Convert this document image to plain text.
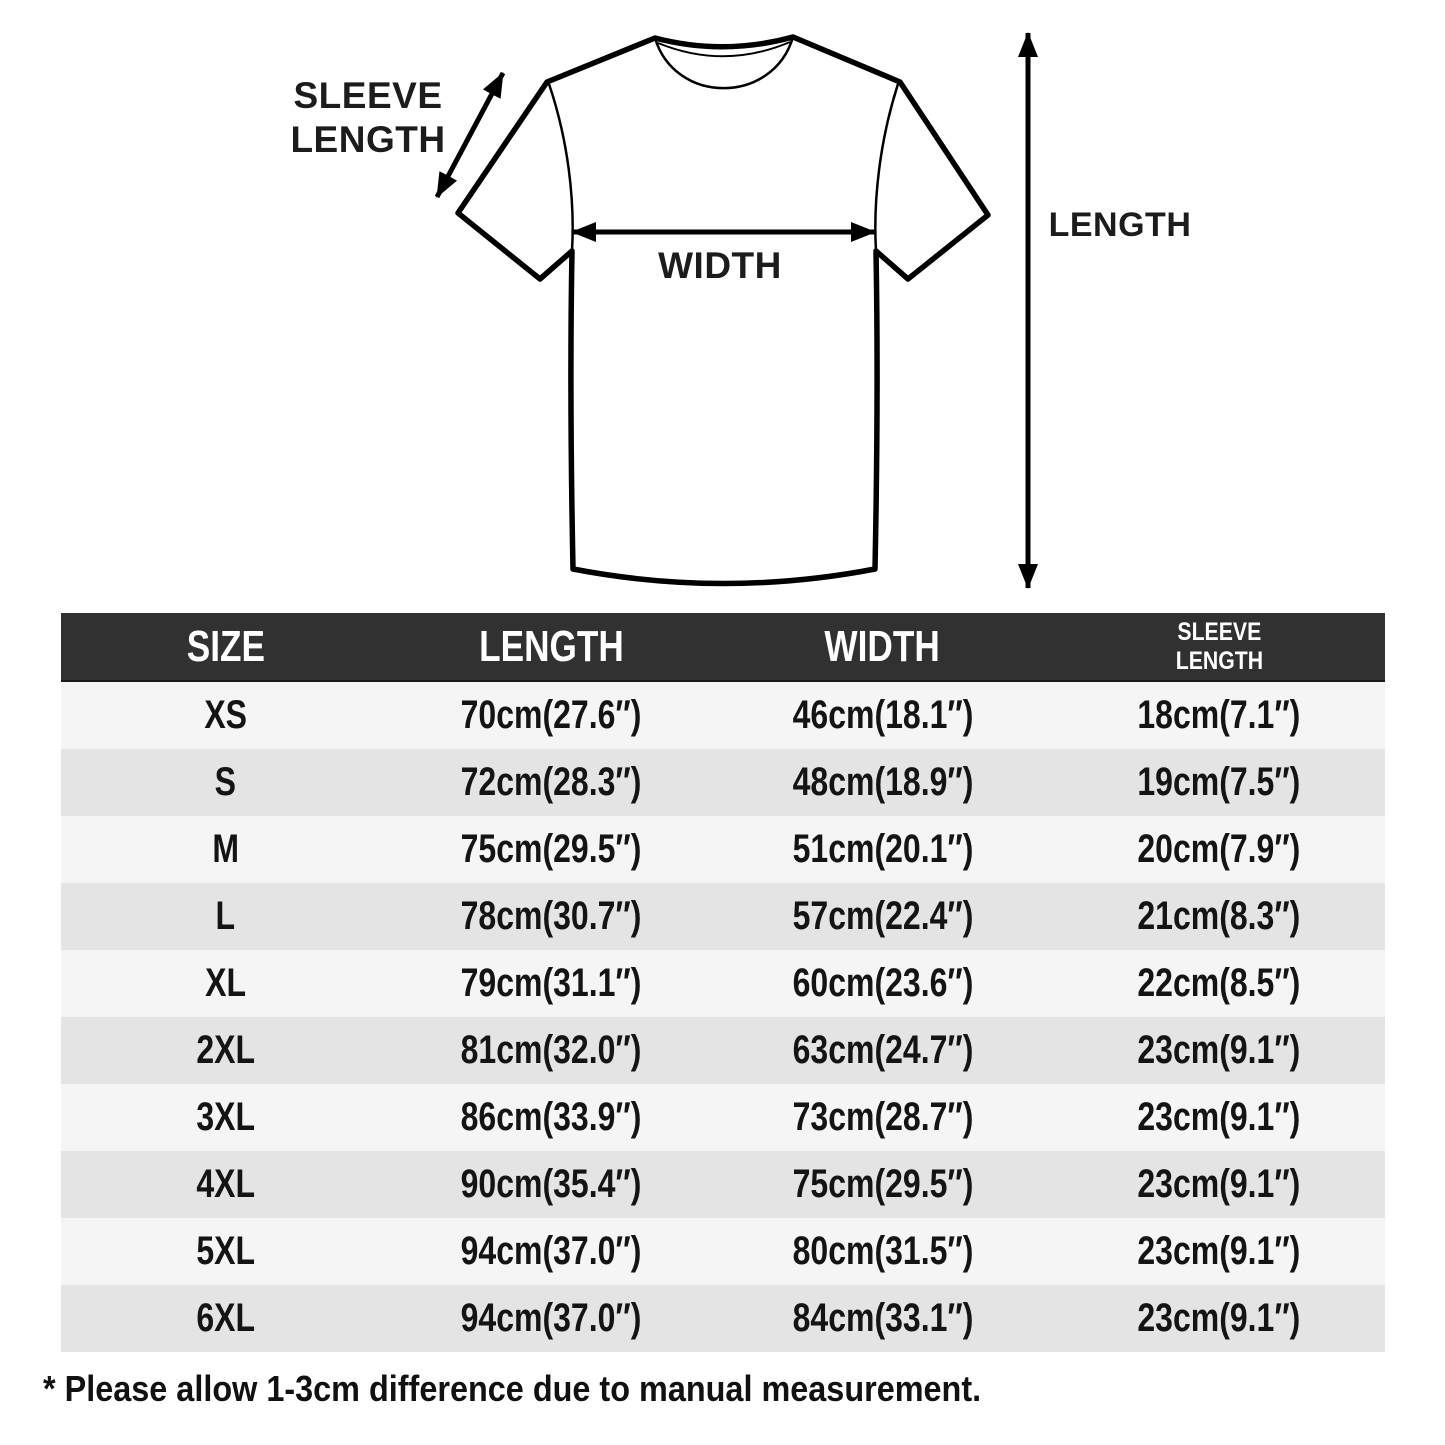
SLEEVE
LENGTH
WIDTH
LENGTH
SIZE	LENGTH	WIDTH	SLEEVE
LENGTH
XS	70cm(27.6″)	46cm(18.1″)	18cm(7.1″)
S	72cm(28.3″)	48cm(18.9″)	19cm(7.5″)
M	75cm(29.5″)	51cm(20.1″)	20cm(7.9″)
L	78cm(30.7″)	57cm(22.4″)	21cm(8.3″)
XL	79cm(31.1″)	60cm(23.6″)	22cm(8.5″)
2XL	81cm(32.0″)	63cm(24.7″)	23cm(9.1″)
3XL	86cm(33.9″)	73cm(28.7″)	23cm(9.1″)
4XL	90cm(35.4″)	75cm(29.5″)	23cm(9.1″)
5XL	94cm(37.0″)	80cm(31.5″)	23cm(9.1″)
6XL	94cm(37.0″)	84cm(33.1″)	23cm(9.1″)
* Please allow 1-3cm difference due to manual measurement.
